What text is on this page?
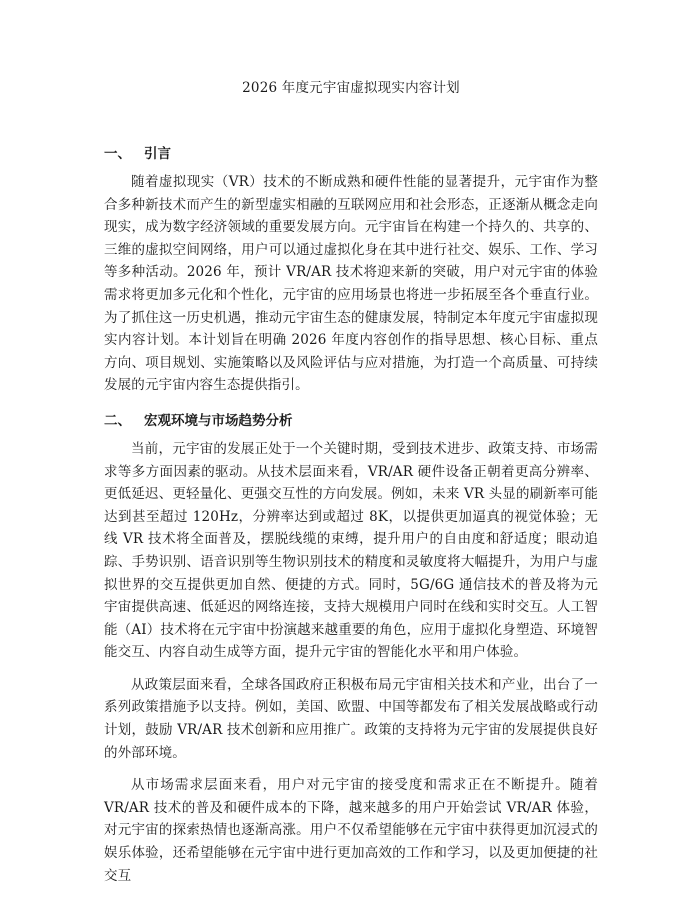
2026 年度元宇宙虚拟现实内容计划
一、 引言

随着虚拟现实（VR）技术的不断成熟和硬件性能的显著提升，元宇宙作为整合多种新技术而产生的新型虚实相融的互联网应用和社会形态，正逐渐从概念走向现实，成为数字经济领域的重要发展方向。元宇宙旨在构建一个持久的、共享的、三维的虚拟空间网络，用户可以通过虚拟化身在其中进行社交、娱乐、工作、学习等多种活动。2026 年，预计 VR/AR 技术将迎来新的突破，用户对元宇宙的体验需求将更加多元化和个性化，元宇宙的应用场景也将进一步拓展至各个垂直行业。为了抓住这一历史机遇，推动元宇宙生态的健康发展，特制定本年度元宇宙虚拟现实内容计划。本计划旨在明确 2026 年度内容创作的指导思想、核心目标、重点方向、项目规划、实施策略以及风险评估与应对措施，为打造一个高质量、可持续发展的元宇宙内容生态提供指引。

二、 宏观环境与市场趋势分析

当前，元宇宙的发展正处于一个关键时期，受到技术进步、政策支持、市场需求等多方面因素的驱动。从技术层面来看，VR/AR 硬件设备正朝着更高分辨率、更低延迟、更轻量化、更强交互性的方向发展。例如，未来 VR 头显的刷新率可能达到甚至超过 120Hz，分辨率达到或超过 8K，以提供更加逼真的视觉体验；无线 VR 技术将全面普及，摆脱线缆的束缚，提升用户的自由度和舒适度；眼动追踪、手势识别、语音识别等生物识别技术的精度和灵敏度将大幅提升，为用户与虚拟世界的交互提供更加自然、便捷的方式。同时，5G/6G 通信技术的普及将为元宇宙提供高速、低延迟的网络连接，支持大规模用户同时在线和实时交互。人工智能（AI）技术将在元宇宙中扮演越来越重要的角色，应用于虚拟化身塑造、环境智能交互、内容自动生成等方面，提升元宇宙的智能化水平和用户体验。

从政策层面来看，全球各国政府正积极布局元宇宙相关技术和产业，出台了一系列政策措施予以支持。例如，美国、欧盟、中国等都发布了相关发展战略或行动计划，鼓励 VR/AR 技术创新和应用推广。政策的支持将为元宇宙的发展提供良好的外部环境。

从市场需求层面来看，用户对元宇宙的接受度和需求正在不断提升。随着 VR/AR 技术的普及和硬件成本的下降，越来越多的用户开始尝试 VR/AR 体验，对元宇宙的探索热情也逐渐高涨。用户不仅希望能够在元宇宙中获得更加沉浸式的娱乐体验，还希望能够在元宇宙中进行更加高效的工作和学习，以及更加便捷的社交互
